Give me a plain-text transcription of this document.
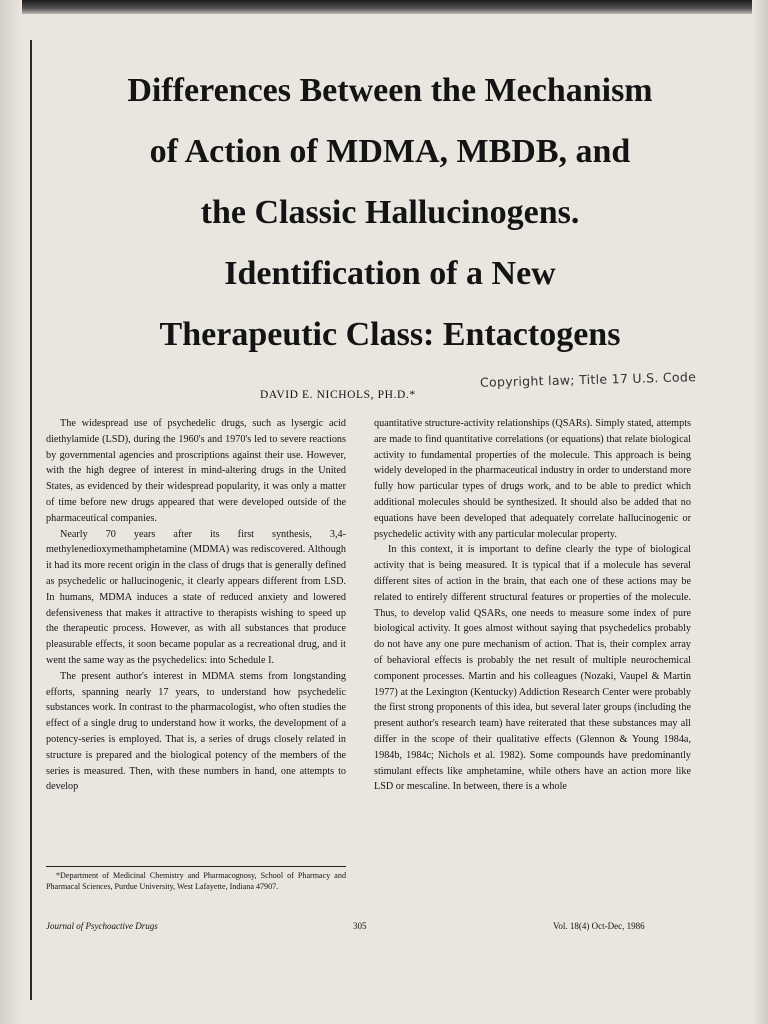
Differences Between the Mechanism
of Action of MDMA, MBDB, and
the Classic Hallucinogens.
Identification of a New
Therapeutic Class: Entactogens
Copyright law; Title 17 U.S. Code
DAVID E. NICHOLS, PH.D.*

The widespread use of psychedelic drugs, such as lysergic acid diethylamide (LSD), during the 1960's and 1970's led to severe reactions by governmental agencies and proscriptions against their use. However, with the high degree of interest in mind-altering drugs in the United States, as evidenced by their widespread popularity, it was only a matter of time before new drugs appeared that were developed outside of the pharmaceutical companies.

Nearly 70 years after its first synthesis, 3,4-methylenedioxymethamphetamine (MDMA) was rediscovered. Although it had its more recent origin in the class of drugs that is generally defined as psychedelic or hallucinogenic, it clearly appears different from LSD. In humans, MDMA induces a state of reduced anxiety and lowered defensiveness that makes it attractive to therapists wishing to speed up the therapeutic process. However, as with all substances that produce pleasurable effects, it soon became popular as a recreational drug, and it went the same way as the psychedelics: into Schedule I.

The present author's interest in MDMA stems from longstanding efforts, spanning nearly 17 years, to understand how psychedelic substances work. In contrast to the pharmacologist, who often studies the effect of a single drug to understand how it works, the development of a potency-series is employed. That is, a series of drugs closely related in structure is prepared and the biological potency of the members of the series is measured. Then, with these numbers in hand, one attempts to develop

*Department of Medicinal Chemistry and Pharmacognosy, School of Pharmacy and Pharmacal Sciences, Purdue University, West Lafayette, Indiana 47907.

quantitative structure-activity relationships (QSARs). Simply stated, attempts are made to find quantitative correlations (or equations) that relate biological activity to fundamental properties of the molecule. This approach is being widely developed in the pharmaceutical industry in order to understand more fully how particular types of drugs work, and to be able to predict which additional molecules should be synthesized. It should also be added that no equations have been developed that adequately correlate hallucinogenic or psychedelic activity with any particular molecular property.

In this context, it is important to define clearly the type of biological activity that is being measured. It is typical that if a molecule has several different sites of action in the brain, that each one of these actions may be related to entirely different structural features or properties of the molecule. Thus, to develop valid QSARs, one needs to measure some index of pure biological activity. It goes almost without saying that psychedelics probably do not have any one pure mechanism of action. That is, their complex array of behavioral effects is probably the net result of multiple neurochemical component processes. Martin and his colleagues (Nozaki, Vaupel & Martin 1977) at the Lexington (Kentucky) Addiction Research Center were probably the first strong proponents of this idea, but several later groups (including the present author's research team) have reiterated that these substances may all differ in the scope of their qualitative effects (Glennon & Young 1984a, 1984b, 1984c; Nichols et al. 1982). Some compounds have predominantly stimulant effects like amphetamine, while others have an action more like LSD or mescaline. In between, there is a whole

Journal of Psychoactive Drugs	305	Vol. 18(4) Oct-Dec, 1986
